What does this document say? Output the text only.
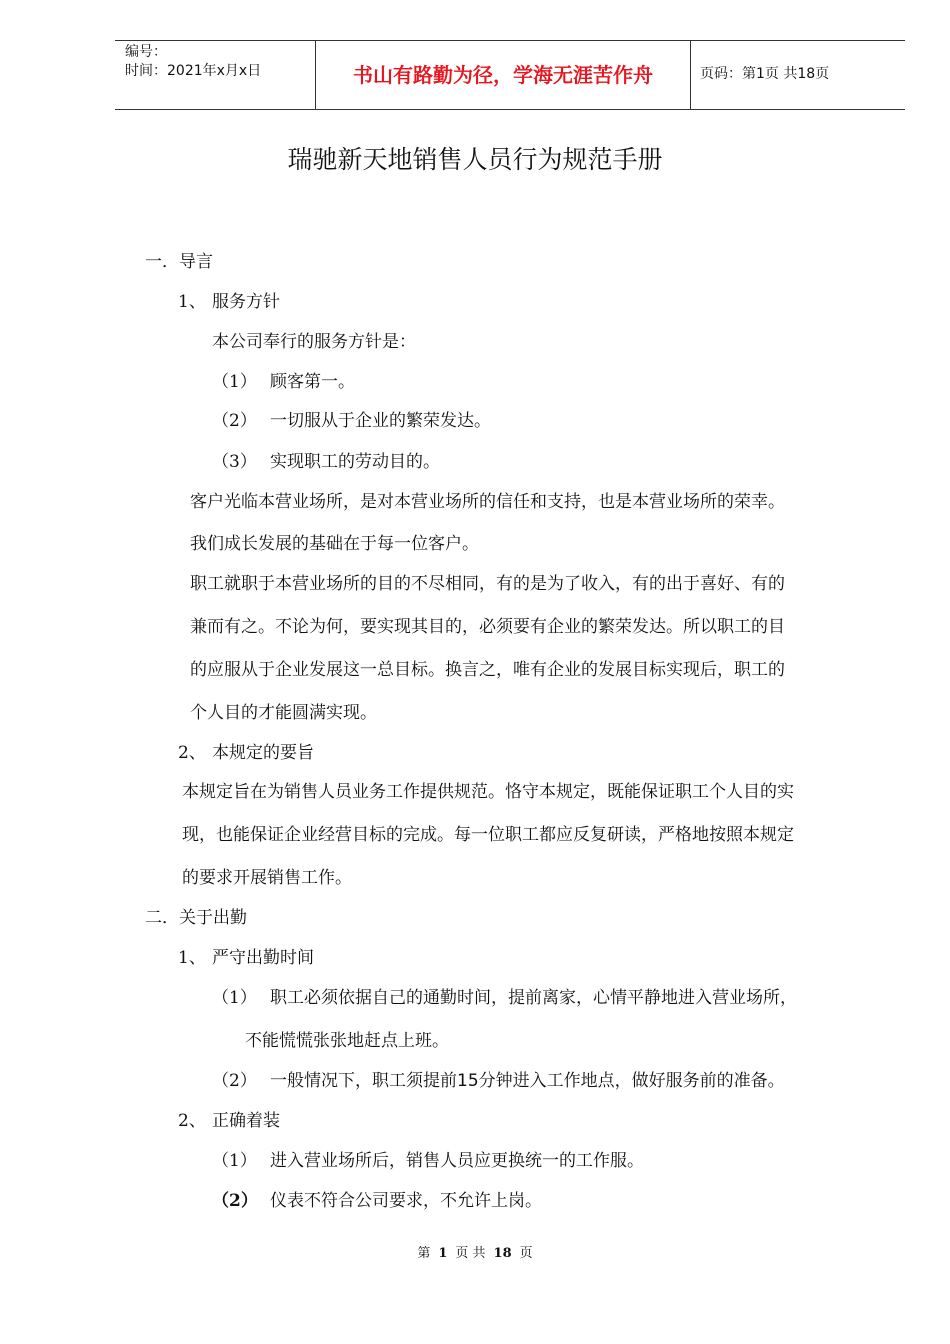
编号：
时间：2021年x月x日	书山有路勤为径，学海无涯苦作舟	页码：第1页 共18页
瑞驰新天地销售人员行为规范手册
一．导言
1、 服务方针
本公司奉行的服务方针是：
（1） 顾客第一。
（2） 一切服从于企业的繁荣发达。
（3） 实现职工的劳动目的。
客户光临本营业场所，是对本营业场所的信任和支持，也是本营业场所的荣幸。
我们成长发展的基础在于每一位客户。
职工就职于本营业场所的目的不尽相同，有的是为了收入，有的出于喜好、有的
兼而有之。不论为何，要实现其目的，必须要有企业的繁荣发达。所以职工的目
的应服从于企业发展这一总目标。换言之，唯有企业的发展目标实现后，职工的
个人目的才能圆满实现。
2、 本规定的要旨
本规定旨在为销售人员业务工作提供规范。恪守本规定，既能保证职工个人目的实
现，也能保证企业经营目标的完成。每一位职工都应反复研读，严格地按照本规定
的要求开展销售工作。
二．关于出勤
1、 严守出勤时间
（1） 职工必须依据自己的通勤时间，提前离家，心情平静地进入营业场所，
不能慌慌张张地赶点上班。
（2） 一般情况下，职工须提前15分钟进入工作地点，做好服务前的准备。
2、 正确着装
（1） 进入营业场所后，销售人员应更换统一的工作服。
（2） 仪表不符合公司要求，不允许上岗。
第 1 页 共 18 页
